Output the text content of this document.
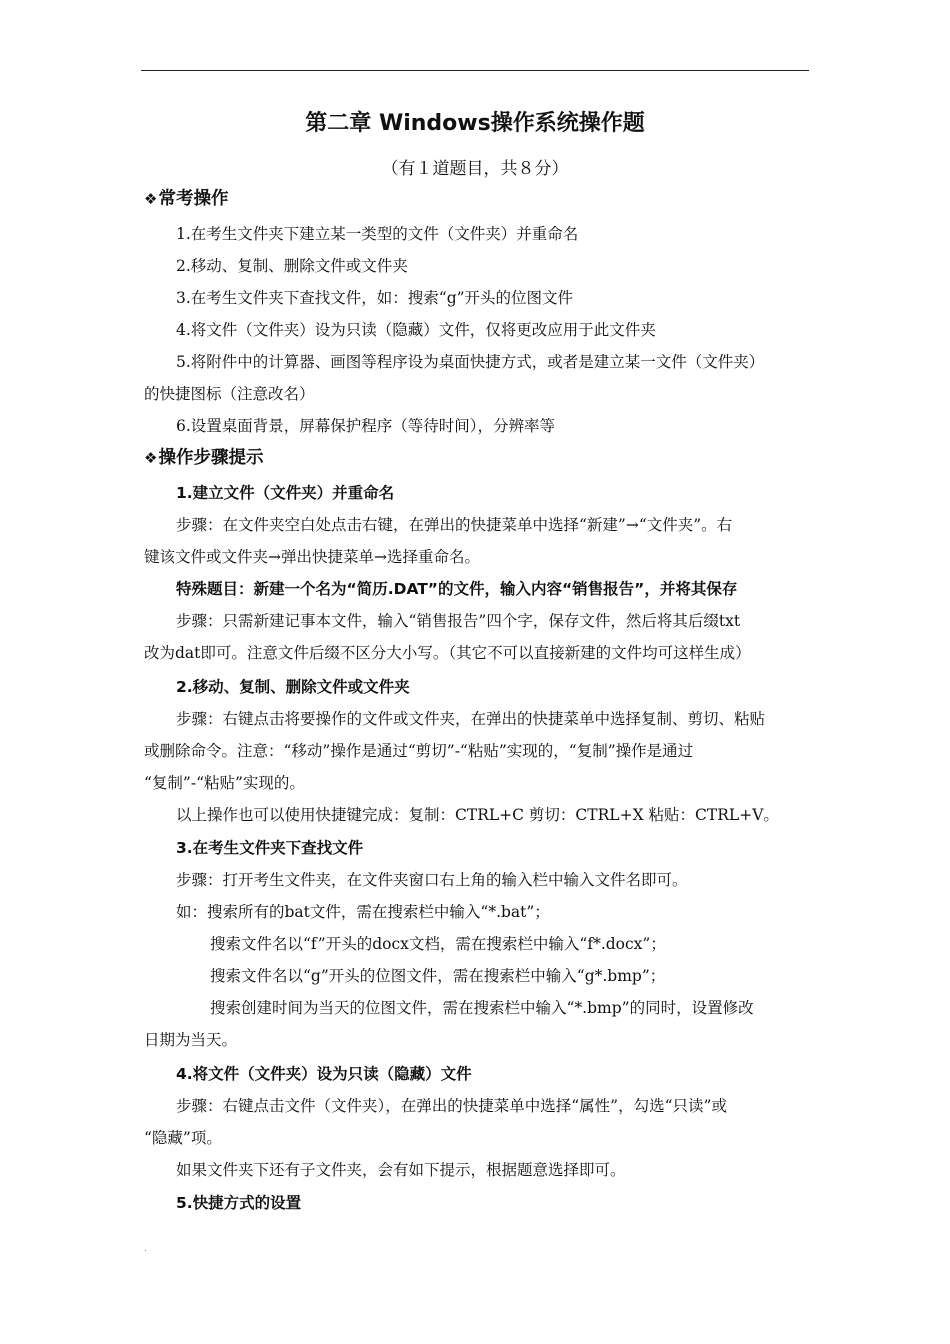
第二章 Windows操作系统操作题
（有１道题目，共８分）
❖常考操作
1.在考生文件夹下建立某一类型的文件（文件夹）并重命名
2.移动、复制、删除文件或文件夹
3.在考生文件夹下查找文件，如：搜索“g”开头的位图文件
4.将文件（文件夹）设为只读（隐藏）文件，仅将更改应用于此文件夹
5.将附件中的计算器、画图等程序设为桌面快捷方式，或者是建立某一文件（文件夹）
的快捷图标（注意改名）
6.设置桌面背景，屏幕保护程序（等待时间），分辨率等
❖操作步骤提示
1.建立文件（文件夹）并重命名
步骤：在文件夹空白处点击右键，在弹出的快捷菜单中选择“新建”→“文件夹”。右
键该文件或文件夹→弹出快捷菜单→选择重命名。
特殊题目：新建一个名为“简历.DAT”的文件，输入内容“销售报告”，并将其保存
步骤：只需新建记事本文件，输入“销售报告”四个字，保存文件，然后将其后缀txt
改为dat即可。注意文件后缀不区分大小写。（其它不可以直接新建的文件均可这样生成）
2.移动、复制、删除文件或文件夹
步骤：右键点击将要操作的文件或文件夹，在弹出的快捷菜单中选择复制、剪切、粘贴
或删除命令。注意：“移动”操作是通过“剪切”-“粘贴”实现的，“复制”操作是通过
“复制”-“粘贴”实现的。
以上操作也可以使用快捷键完成：复制：CTRL+C 剪切：CTRL+X 粘贴：CTRL+V。
3.在考生文件夹下查找文件
步骤：打开考生文件夹，在文件夹窗口右上角的输入栏中输入文件名即可。
如：搜索所有的bat文件，需在搜索栏中输入“*.bat”；
搜索文件名以“f”开头的docx文档，需在搜索栏中输入“f*.docx”；
搜索文件名以“g”开头的位图文件，需在搜索栏中输入“g*.bmp”；
搜索创建时间为当天的位图文件，需在搜索栏中输入“*.bmp”的同时，设置修改
日期为当天。
4.将文件（文件夹）设为只读（隐藏）文件
步骤：右键点击文件（文件夹），在弹出的快捷菜单中选择“属性”，勾选“只读”或
“隐藏”项。
如果文件夹下还有子文件夹，会有如下提示，根据题意选择即可。
5.快捷方式的设置
.
